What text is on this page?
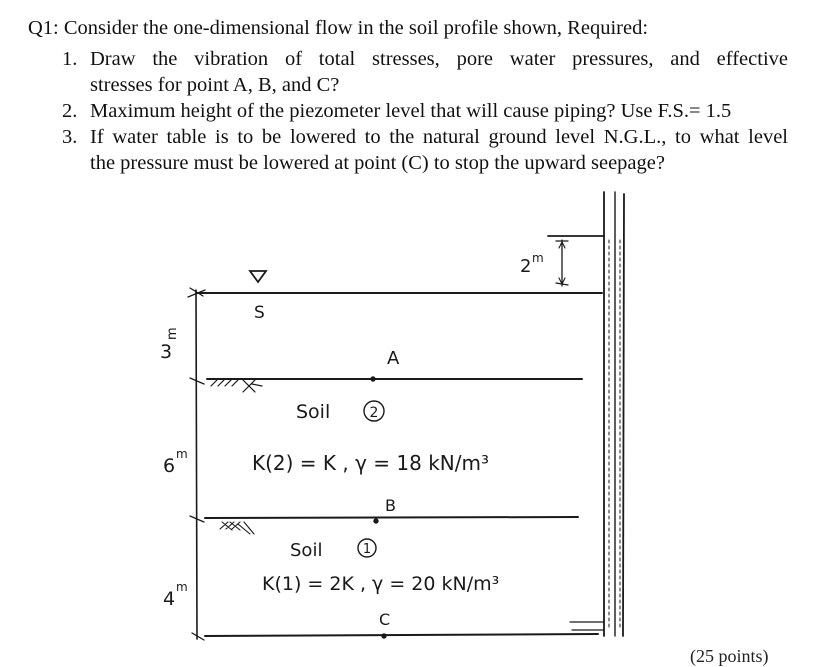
Q1: Consider the one-dimensional flow in the soil profile shown, Required:
1. Draw the vibration of total stresses, pore water pressures, and effective
stresses for point A, B, and C?
2. Maximum height of the piezometer level that will cause piping? Use F.S.= 1.5
3. If water table is to be lowered to the natural ground level N.G.L., to what level
the pressure must be lowered at point (C) to stop the upward seepage?
S
3
m
6
m
4
m
2 m
A
B
C
Soil	2
K(2) = K , γ = 18 kN/m³
Soil	1
K(1) = 2K , γ = 20 kN/m³
(25 points)
